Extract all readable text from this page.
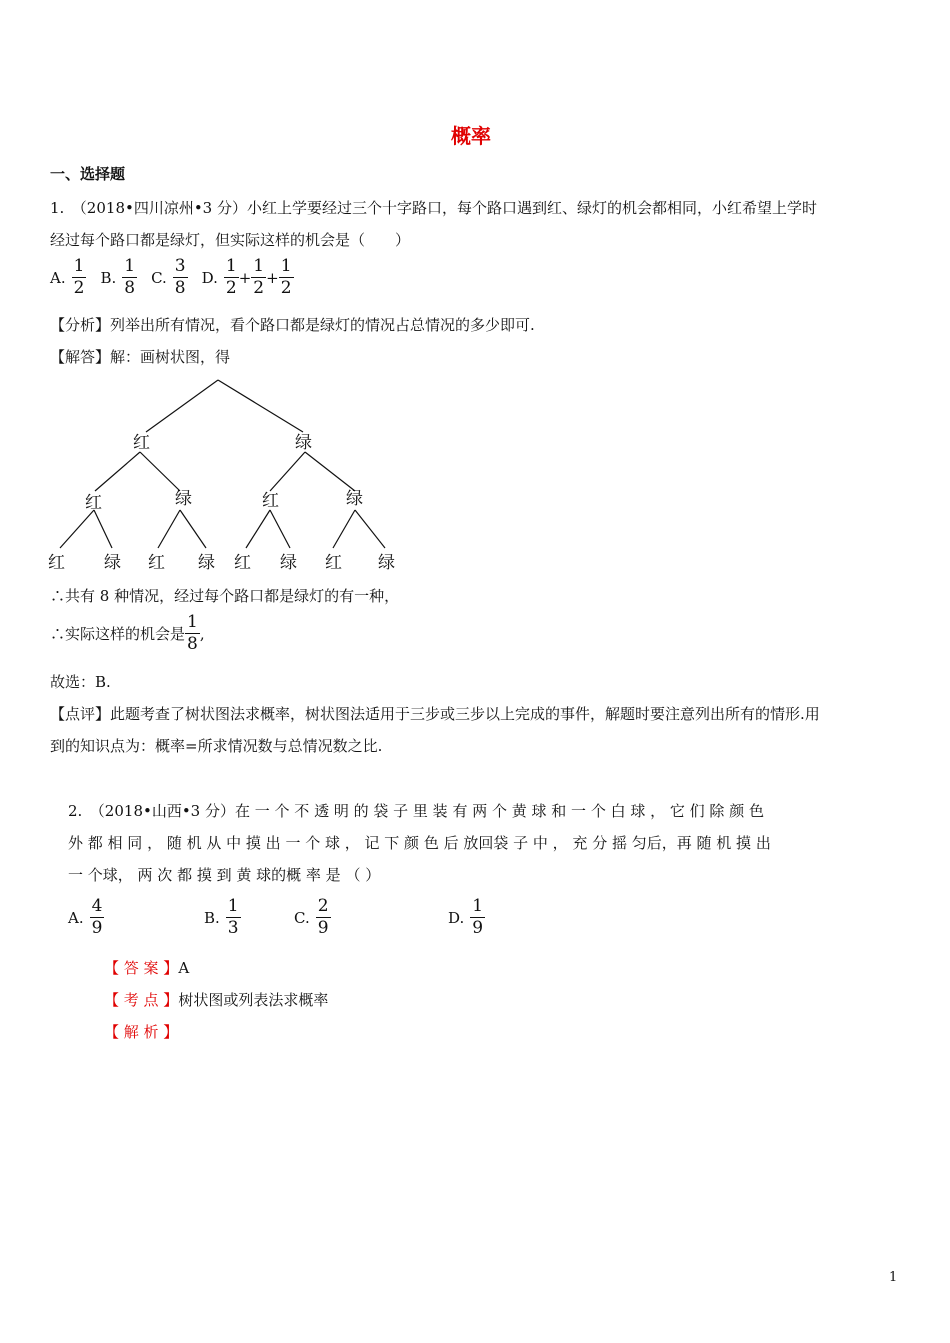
概率
一、选择题
1.　（2018•四川凉州•3 分）小红上学要经过三个十字路口，每个路口遇到红、绿灯的机会都相同，小红希望上学时
经过每个路口都是绿灯，但实际这样的机会是（　　）
A. $\frac{1}{2} B$. $\frac{1}{8} C$. $\frac{3}{8} D$. $\frac{1}{2} + \frac{1}{2} + \frac{1}{2}$
【分析】列举出所有情况，看个路口都是绿灯的情况占总情况的多少即可.
【解答】解：画树状图，得
红	绿
红	绿	红	绿
红 绿 红 绿 红 绿 红 绿
∴共有 8 种情况，经过每个路口都是绿灯的有一种，
∴实际这样的机会是 $\frac{1}{8}$ ,
故选：B.
【点评】此题考查了树状图法求概率，树状图法适用于三步或三步以上完成的事件，解题时要注意列出所有的情形.用
到的知识点为：概率=所求情况数与总情况数之比.
2.　（2018•山西•3 分）在 一 个 不 透 明 的 袋 子 里 装 有 两 个 黄 球 和 一 个 白 球 ， 它 们 除 颜 色
外 都 相 同 ， 随 机 从 中 摸 出 一 个 球 ， 记 下 颜 色 后 放回袋 子 中 ， 充 分 摇 匀后，再 随 机 摸 出
一 个球， 两 次 都 摸 到 黄 球的概 率 是 （ ）
A. $\frac{4}{9}$	B. $\frac{1}{3}$	C. $\frac{2}{9}$	D. $\frac{1}{9}$
【 答 案 】A
【 考 点 】树状图或列表法求概率
【 解 析 】
1
